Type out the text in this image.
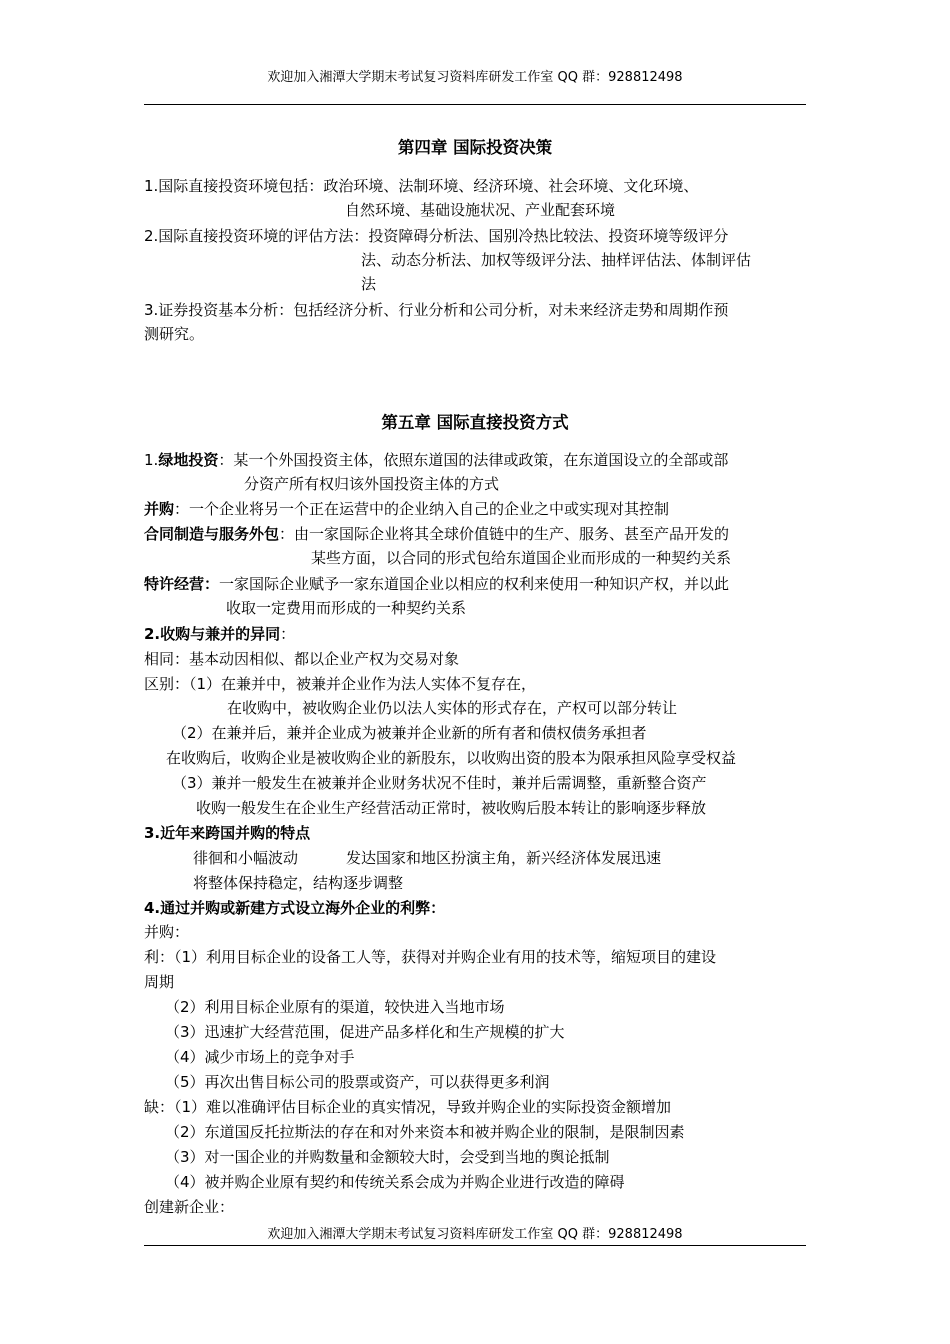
欢迎加入湘潭大学期末考试复习资料库研发工作室 QQ 群：928812498
第四章 国际投资决策
1.国际直接投资环境包括：政治环境、法制环境、经济环境、社会环境、文化环境、
自然环境、基础设施状况、产业配套环境
2.国际直接投资环境的评估方法：投资障碍分析法、国别冷热比较法、投资环境等级评分
法、动态分析法、加权等级评分法、抽样评估法、体制评估
法
3.证券投资基本分析：包括经济分析、行业分析和公司分析，对未来经济走势和周期作预
测研究。
第五章 国际直接投资方式
1.绿地投资：某一个外国投资主体，依照东道国的法律或政策，在东道国设立的全部或部
分资产所有权归该外国投资主体的方式
并购：一个企业将另一个正在运营中的企业纳入自己的企业之中或实现对其控制
合同制造与服务外包：由一家国际企业将其全球价值链中的生产、服务、甚至产品开发的
某些方面，以合同的形式包给东道国企业而形成的一种契约关系
特许经营：一家国际企业赋予一家东道国企业以相应的权利来使用一种知识产权，并以此
收取一定费用而形成的一种契约关系
2.收购与兼并的异同：
相同：基本动因相似、都以企业产权为交易对象
区别：（1）在兼并中，被兼并企业作为法人实体不复存在，
在收购中，被收购企业仍以法人实体的形式存在，产权可以部分转让
（2）在兼并后，兼并企业成为被兼并企业新的所有者和债权债务承担者
在收购后，收购企业是被收购企业的新股东，以收购出资的股本为限承担风险享受权益
（3）兼并一般发生在被兼并企业财务状况不佳时，兼并后需调整，重新整合资产
收购一般发生在企业生产经营活动正常时，被收购后股本转让的影响逐步释放
3.近年来跨国并购的特点
徘徊和小幅波动	发达国家和地区扮演主角，新兴经济体发展迅速
将整体保持稳定，结构逐步调整
4.通过并购或新建方式设立海外企业的利弊：
并购：
利：（1）利用目标企业的设备工人等，获得对并购企业有用的技术等，缩短项目的建设
周期
（2）利用目标企业原有的渠道，较快进入当地市场
（3）迅速扩大经营范围，促进产品多样化和生产规模的扩大
（4）减少市场上的竞争对手
（5）再次出售目标公司的股票或资产，可以获得更多利润
缺：（1）难以准确评估目标企业的真实情况，导致并购企业的实际投资金额增加
（2）东道国反托拉斯法的存在和对外来资本和被并购企业的限制，是限制因素
（3）对一国企业的并购数量和金额较大时，会受到当地的舆论抵制
（4）被并购企业原有契约和传统关系会成为并购企业进行改造的障碍
创建新企业：
欢迎加入湘潭大学期末考试复习资料库研发工作室 QQ 群：928812498
